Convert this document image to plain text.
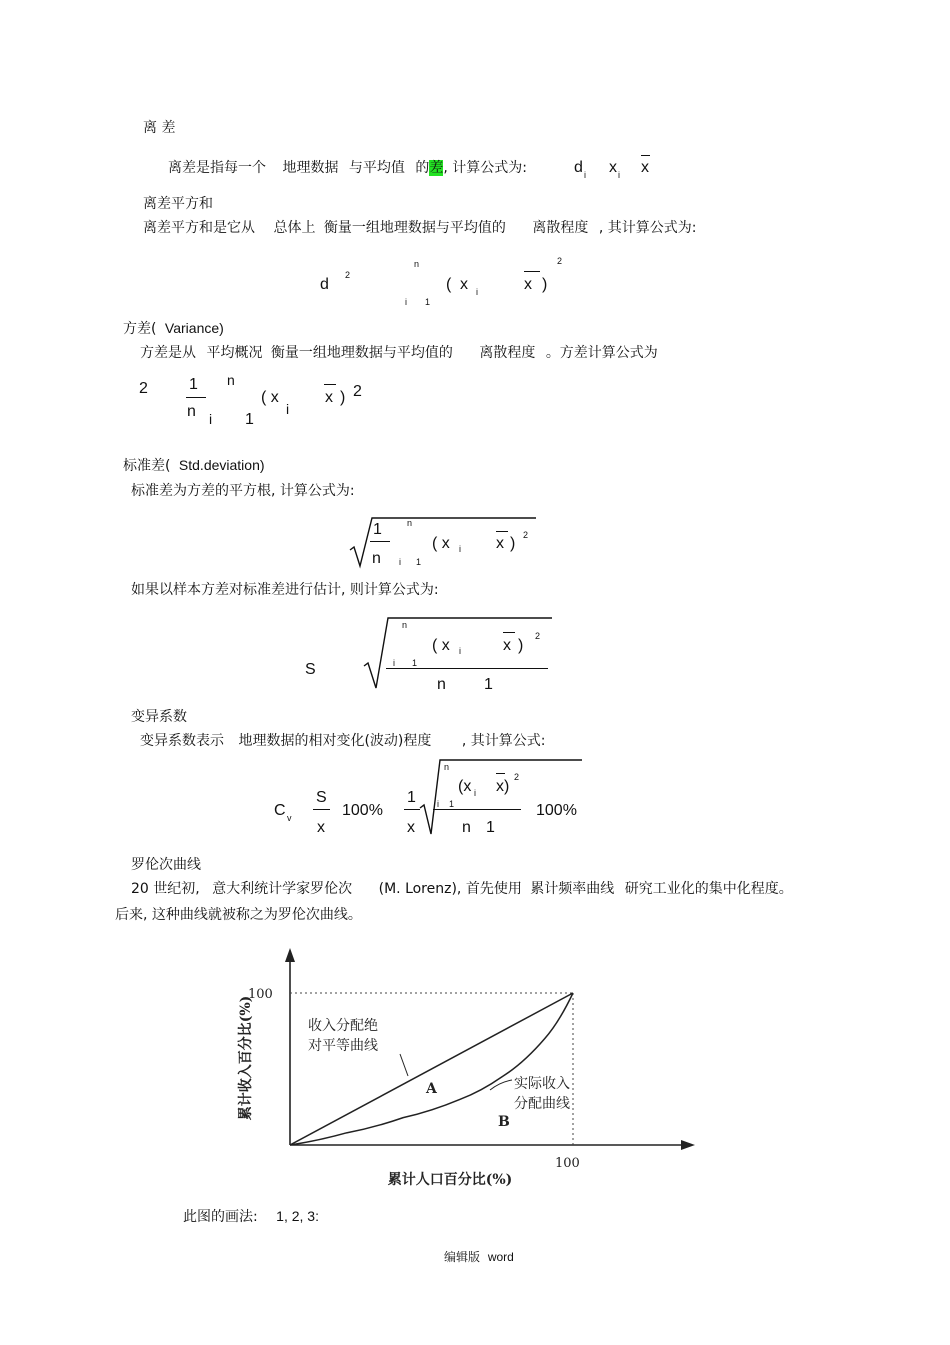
离 差
离差是指每一个 地理数据 与平均值 的差, 计算公式为:	d i x i x
离差平方和
离差平方和是它从 总体上 衡量一组地理数据与平均值的 离散程度 , 其计算公式为:
d
2
n
i 1
( x i	x )
2
方差( Variance)
方差是从 平均概况 衡量一组地理数据与平均值的 离散程度 。方差计算公式为
2	1
n
n
i 1
( x
i
x ) 2
标准差( Std.deviation)
标准差为方差的平方根, 计算公式为:
1
n
n
i 1
( x i x ) 2
如果以样本方差对标准差进行估计, 则计算公式为:
S
n
i 1
( x i	x )
2
n 1
变异系数
变异系数表示 地理数据的相对变化(波动)程度 , 其计算公式:
C v
S
x
100%
1
x
n
i 1
(x i x)
2
n 1
100%
罗伦次曲线
20 世纪初, 意大利统计学家罗伦次 (M. Lorenz), 首先使用 累计频率曲线 研究工业化的集中化程度。
后来, 这种曲线就被称之为罗伦次曲线。
累计收入百分比(%)
累计人口百分比(%)
100
100
收入分配绝
对平等曲线
A	实际收入
分配曲线
B
此图的画法: 1, 2, 3:
编辑版 word
